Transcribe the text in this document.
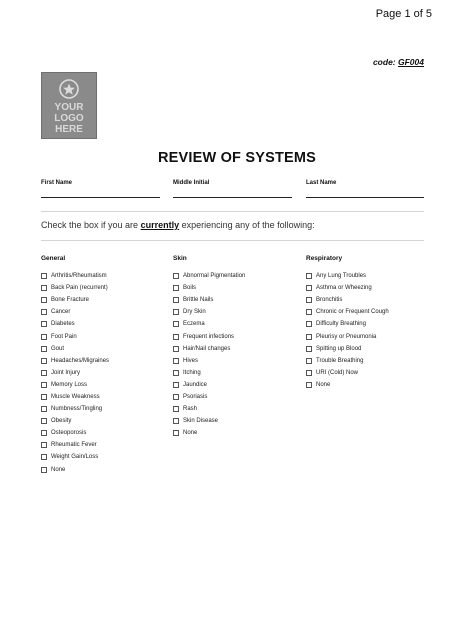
Page 1 of 5
code: GF004
YOUR
LOGO
HERE
REVIEW OF SYSTEMS
First Name	Middle Initial	Last Name
Check the box if you are currently experiencing any of the following:
General
Arthritis/Rheumatism
Back Pain (recurrent)
Bone Fracture
Cancer
Diabetes
Foot Pain
Gout
Headaches/Migraines
Joint Injury
Memory Loss
Muscle Weakness
Numbness/Tingling
Obesity
Osteoporosis
Rheumatic Fever
Weight Gain/Loss
None
Skin
Abnormal Pigmentation
Boils
Brittle Nails
Dry Skin
Eczema
Frequent infections
Hair/Nail changes
Hives
Itching
Jaundice
Psoriasis
Rash
Skin Disease
None
Respiratory
Any Lung Troubles
Asthma or Wheezing
Bronchitis
Chronic or Frequent Cough
Difficulty Breathing
Pleurisy or Pneumonia
Spitting up Blood
Trouble Breathing
URI (Cold) Now
None
